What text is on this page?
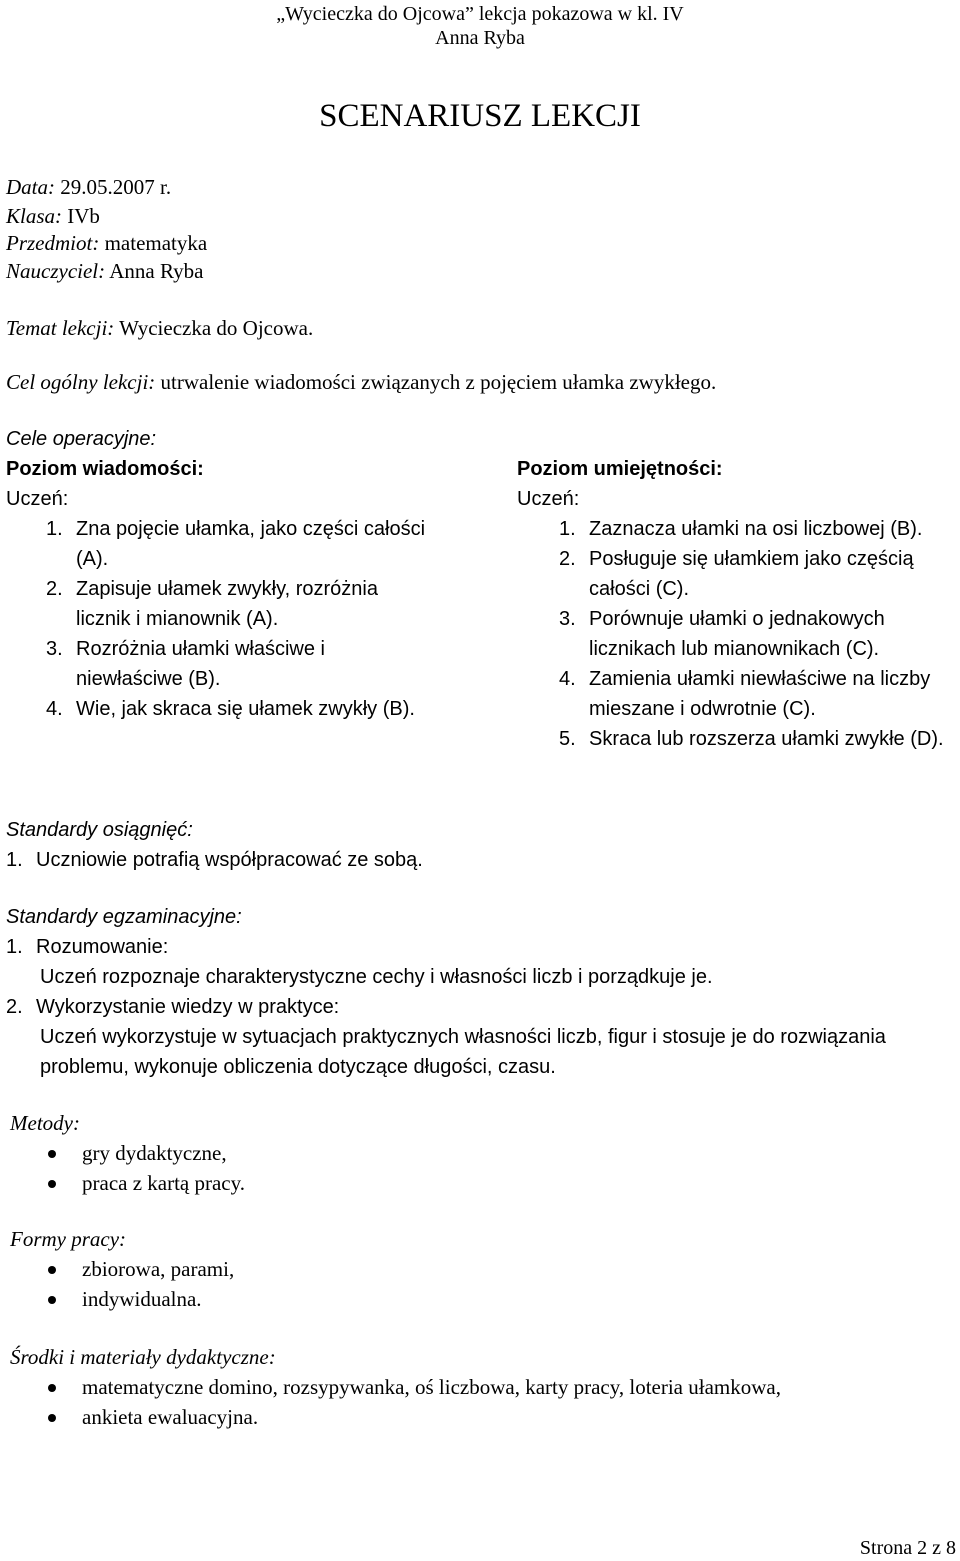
„Wycieczka do Ojcowa” lekcja pokazowa w kl. IV
Anna Ryba
SCENARIUSZ LEKCJI
Data: 29.05.2007 r.
Klasa: IVb
Przedmiot: matematyka
Nauczyciel: Anna Ryba
Temat lekcji: Wycieczka do Ojcowa.
Cel ogólny lekcji: utrwalenie wiadomości związanych z pojęciem ułamka zwykłego.
Cele operacyjne:
Poziom wiadomości:
Uczeń:
1. Zna pojęcie ułamka, jako części całości (A).
2. Zapisuje ułamek zwykły, rozróżnia licznik i mianownik (A).
3. Rozróżnia ułamki właściwe i niewłaściwe (B).
4. Wie, jak skraca się ułamek zwykły (B).
Poziom umiejętności:
Uczeń:
1. Zaznacza ułamki na osi liczbowej (B).
2. Posługuje się ułamkiem jako częścią całości (C).
3. Porównuje ułamki o jednakowych licznikach lub mianownikach (C).
4. Zamienia ułamki niewłaściwe na liczby mieszane i odwrotnie (C).
5. Skraca lub rozszerza ułamki zwykłe (D).
Standardy osiągnięć:
1. Uczniowie potrafią współpracować ze sobą.
Standardy egzaminacyjne:
1. Rozumowanie:
Uczeń rozpoznaje charakterystyczne cechy i własności liczb i porządkuje je.
2. Wykorzystanie wiedzy w praktyce:
Uczeń wykorzystuje w sytuacjach praktycznych własności liczb, figur i stosuje je do rozwiązania problemu, wykonuje obliczenia dotyczące długości, czasu.
Metody:
gry dydaktyczne,
praca z kartą pracy.
Formy pracy:
zbiorowa, parami,
indywidualna.
Środki i materiały dydaktyczne:
matematyczne domino, rozsypywanka, oś liczbowa, karty pracy, loteria ułamkowa,
ankieta ewaluacyjna.
Strona 2 z 8
